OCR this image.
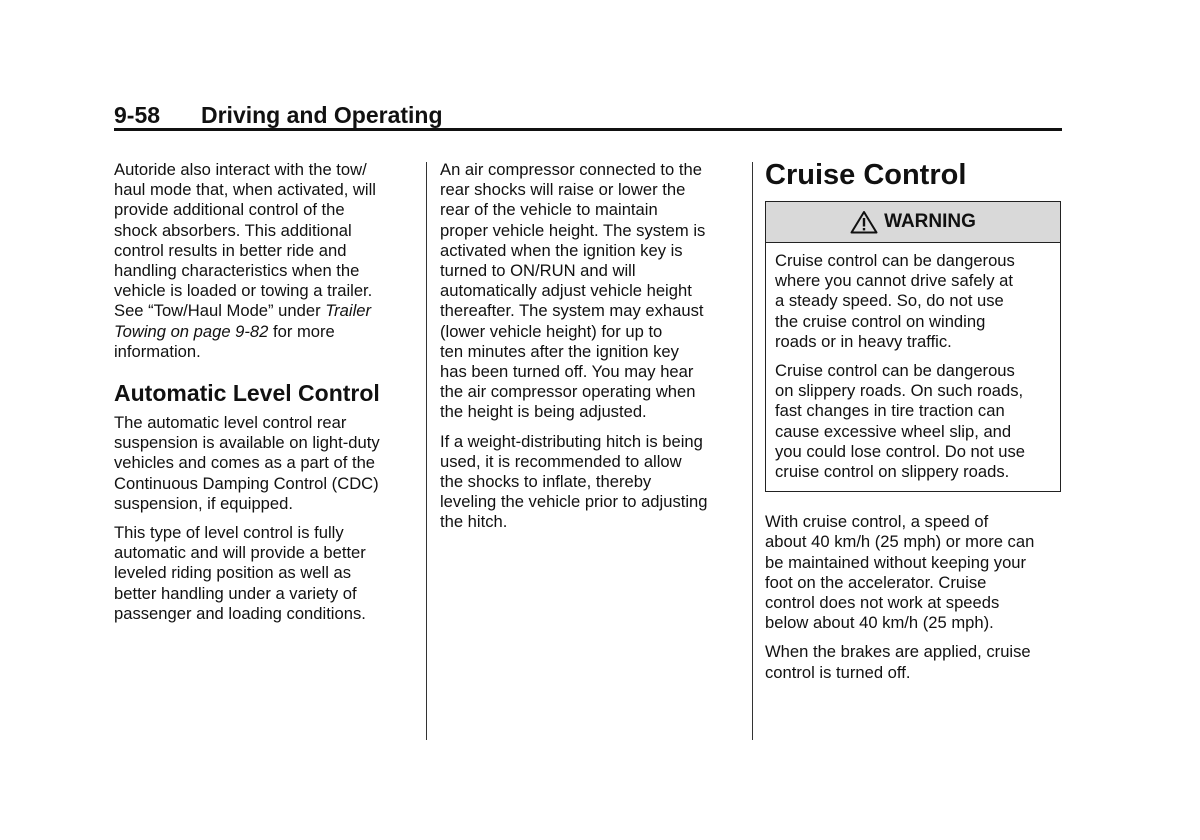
9-58 Driving and Operating

Autoride also interact with the tow/
haul mode that, when activated, will
provide additional control of the
shock absorbers. This additional
control results in better ride and
handling characteristics when the
vehicle is loaded or towing a trailer.
See “Tow/Haul Mode” under Trailer
Towing on page 9-82 for more
information.

Automatic Level Control

The automatic level control rear
suspension is available on light-duty
vehicles and comes as a part of the
Continuous Damping Control (CDC)
suspension, if equipped.

This type of level control is fully
automatic and will provide a better
leveled riding position as well as
better handling under a variety of
passenger and loading conditions.

An air compressor connected to the
rear shocks will raise or lower the
rear of the vehicle to maintain
proper vehicle height. The system is
activated when the ignition key is
turned to ON/RUN and will
automatically adjust vehicle height
thereafter. The system may exhaust
(lower vehicle height) for up to
ten minutes after the ignition key
has been turned off. You may hear
the air compressor operating when
the height is being adjusted.

If a weight-distributing hitch is being
used, it is recommended to allow
the shocks to inflate, thereby
leveling the vehicle prior to adjusting
the hitch.

Cruise Control
WARNING

Cruise control can be dangerous
where you cannot drive safely at
a steady speed. So, do not use
the cruise control on winding
roads or in heavy traffic.

Cruise control can be dangerous
on slippery roads. On such roads,
fast changes in tire traction can
cause excessive wheel slip, and
you could lose control. Do not use
cruise control on slippery roads.

With cruise control, a speed of
about 40 km/h (25 mph) or more can
be maintained without keeping your
foot on the accelerator. Cruise
control does not work at speeds
below about 40 km/h (25 mph).

When the brakes are applied, cruise
control is turned off.
